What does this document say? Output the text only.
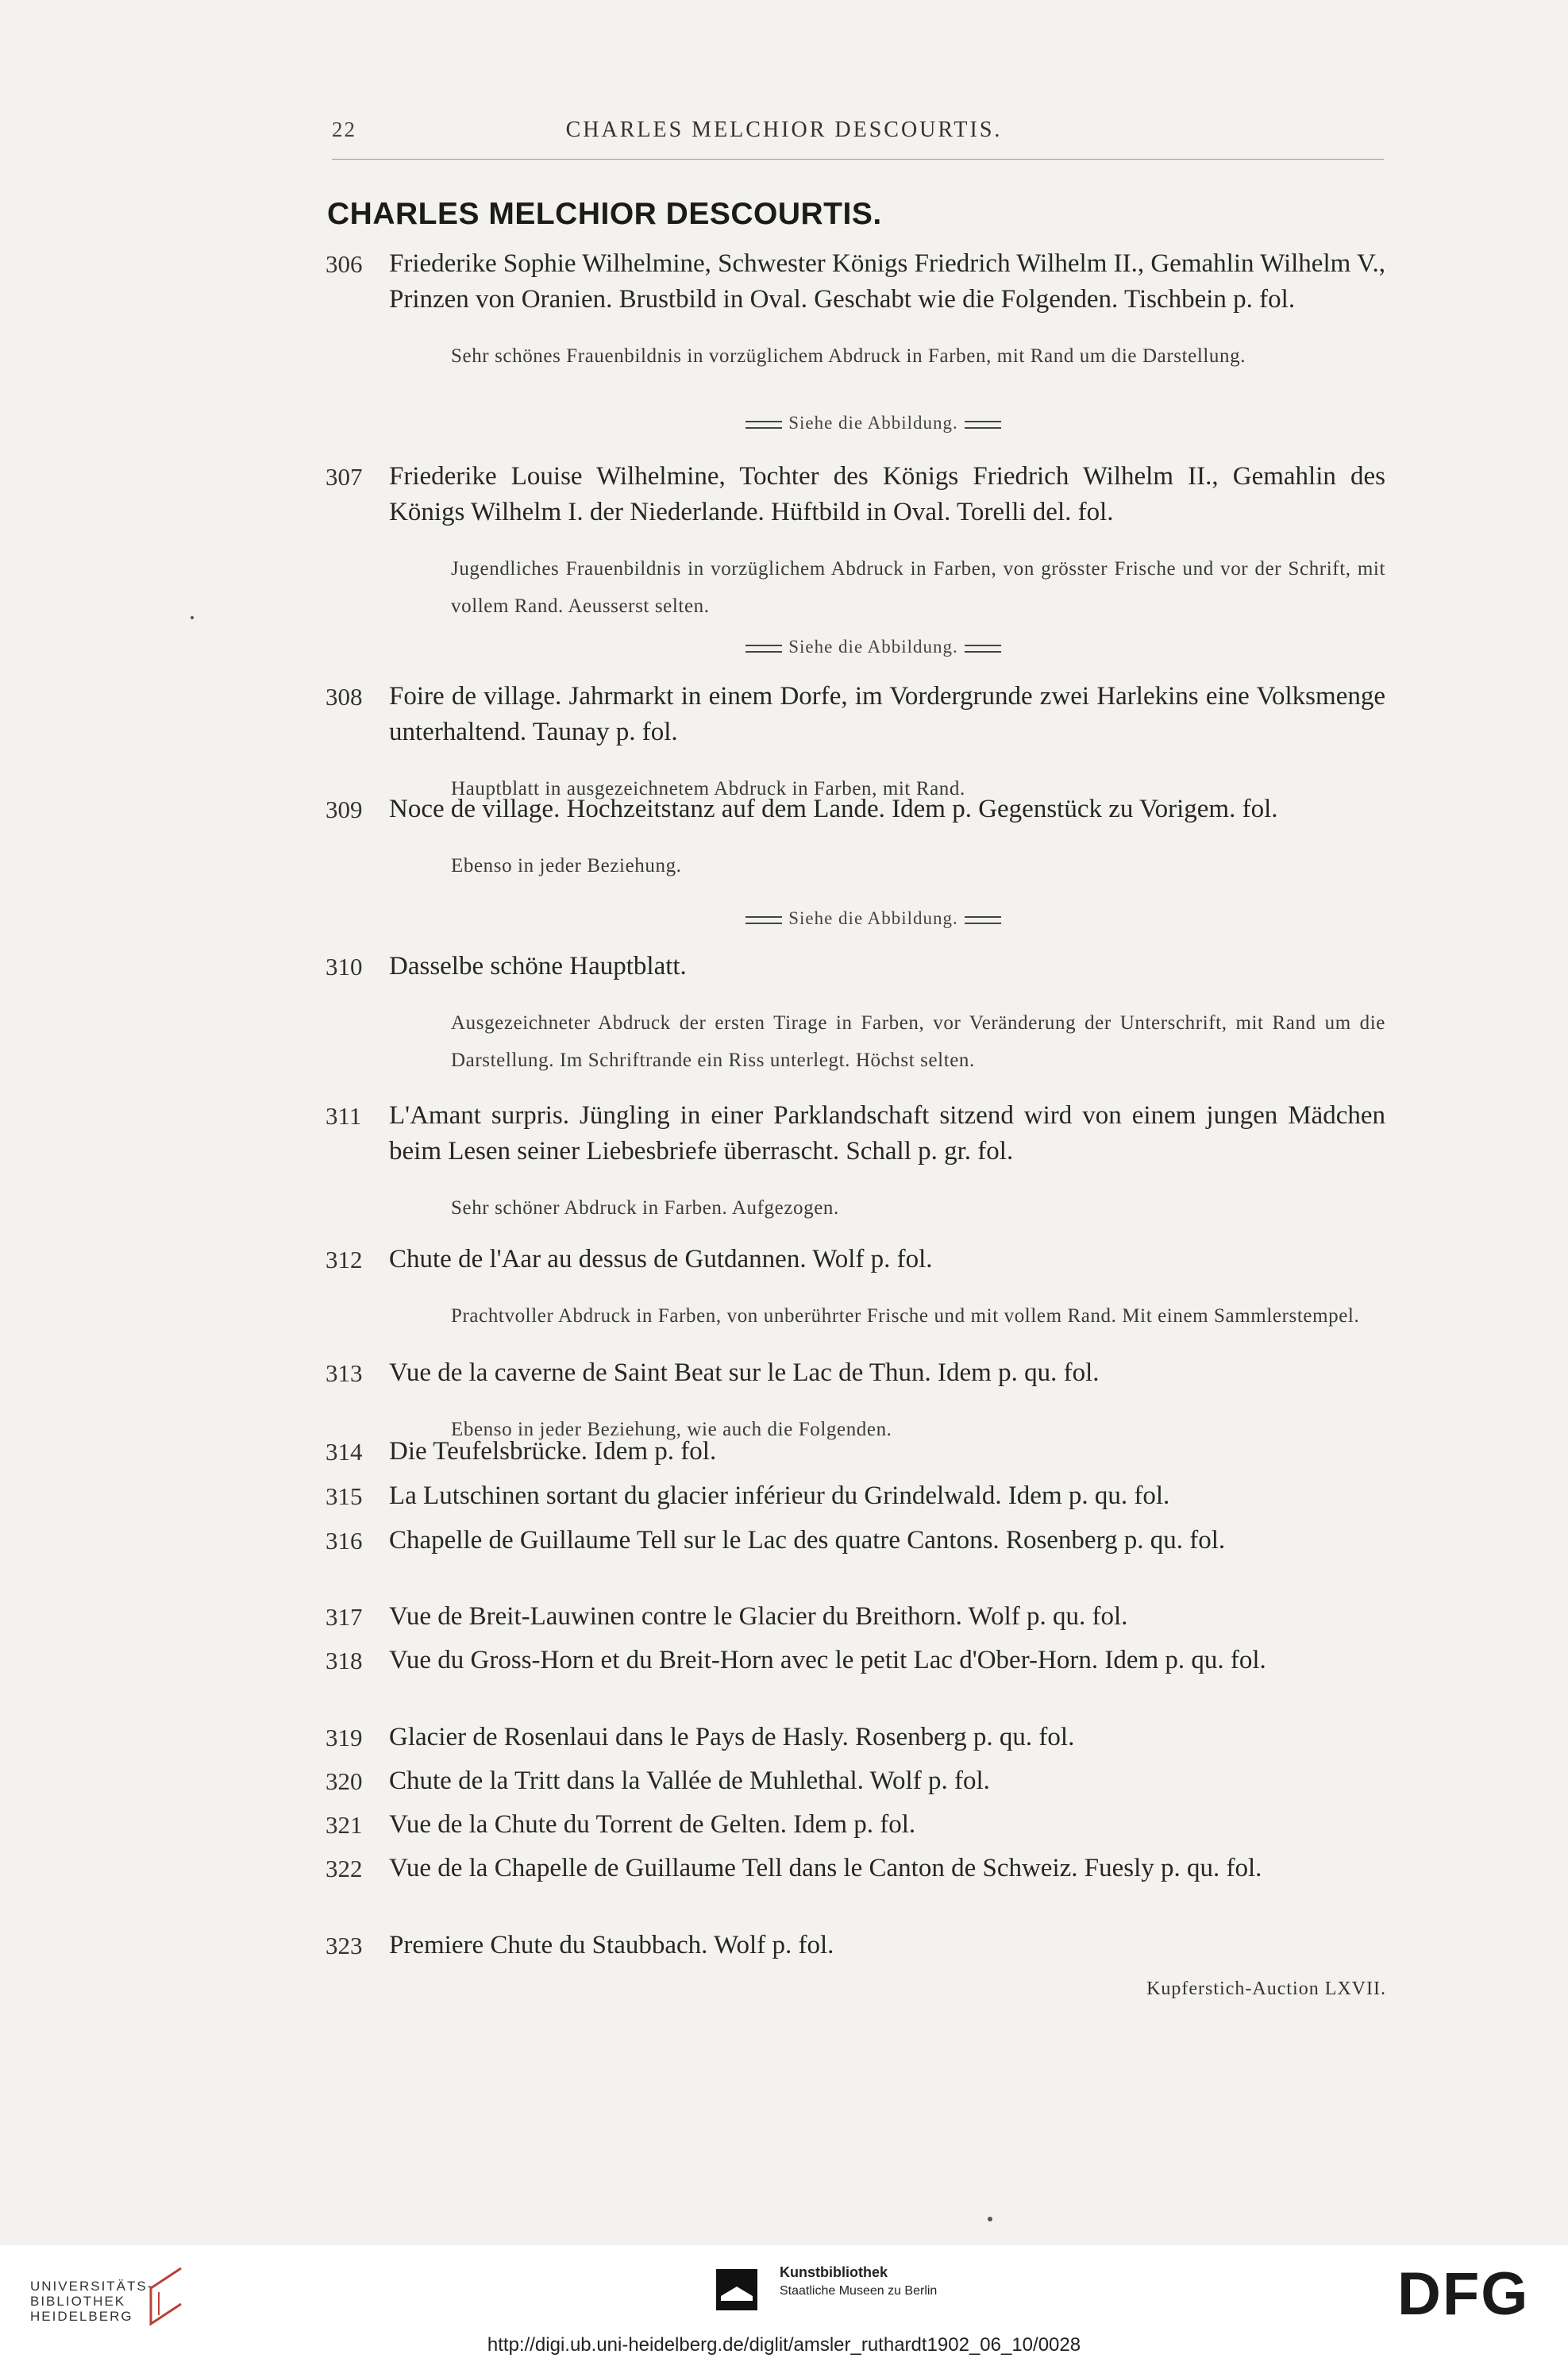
22	CHARLES MELCHIOR DESCOURTIS.
CHARLES MELCHIOR DESCOURTIS.
306 Friederike Sophie Wilhelmine, Schwester Königs Friedrich Wilhelm II., Gemahlin Wilhelm V., Prinzen von Oranien. Brustbild in Oval. Geschabt wie die Folgenden. Tischbein p. fol.

Sehr schönes Frauenbildnis in vorzüglichem Abdruck in Farben, mit Rand um die Darstellung.

Siehe die Abbildung.
307 Friederike Louise Wilhelmine, Tochter des Königs Friedrich Wilhelm II., Gemahlin des Königs Wilhelm I. der Niederlande. Hüftbild in Oval. Torelli del. fol.

Jugendliches Frauenbildnis in vorzüglichem Abdruck in Farben, von grösster Frische und vor der Schrift, mit vollem Rand. Aeusserst selten.

Siehe die Abbildung.
308 Foire de village. Jahrmarkt in einem Dorfe, im Vordergrunde zwei Harlekins eine Volksmenge unterhaltend. Taunay p. fol.

Hauptblatt in ausgezeichnetem Abdruck in Farben, mit Rand.

309 Noce de village. Hochzeitstanz auf dem Lande. Idem p. Gegenstück zu Vorigem. fol.

Ebenso in jeder Beziehung.

Siehe die Abbildung.
310 Dasselbe schöne Hauptblatt.

Ausgezeichneter Abdruck der ersten Tirage in Farben, vor Veränderung der Unterschrift, mit Rand um die Darstellung. Im Schriftrande ein Riss unterlegt. Höchst selten.

311 L'Amant surpris. Jüngling in einer Parklandschaft sitzend wird von einem jungen Mädchen beim Lesen seiner Liebesbriefe überrascht. Schall p. gr. fol.

Sehr schöner Abdruck in Farben. Aufgezogen.

312 Chute de l'Aar au dessus de Gutdannen. Wolf p. fol.

Prachtvoller Abdruck in Farben, von unberührter Frische und mit vollem Rand. Mit einem Sammlerstempel.

313 Vue de la caverne de Saint Beat sur le Lac de Thun. Idem p. qu. fol.

Ebenso in jeder Beziehung, wie auch die Folgenden.

314 Die Teufelsbrücke. Idem p. fol.

315 La Lutschinen sortant du glacier inférieur du Grindelwald. Idem p. qu. fol.

316 Chapelle de Guillaume Tell sur le Lac des quatre Cantons. Rosenberg p. qu. fol.

317 Vue de Breit-Lauwinen contre le Glacier du Breithorn. Wolf p. qu. fol.

318 Vue du Gross-Horn et du Breit-Horn avec le petit Lac d'Ober-Horn. Idem p. qu. fol.

319 Glacier de Rosenlaui dans le Pays de Hasly. Rosenberg p. qu. fol.

320 Chute de la Tritt dans la Vallée de Muhlethal. Wolf p. fol.

321 Vue de la Chute du Torrent de Gelten. Idem p. fol.

322 Vue de la Chapelle de Guillaume Tell dans le Canton de Schweiz. Fuesly p. qu. fol.

323 Premiere Chute du Staubbach. Wolf p. fol.

Kupferstich-Auction LXVII.
UNIVERSITÄTS-
BIBLIOTHEK
HEIDELBERG
Kunstbibliothek
Staatliche Museen zu Berlin	DFG
http://digi.ub.uni-heidelberg.de/diglit/amsler_ruthardt1902_06_10/0028
